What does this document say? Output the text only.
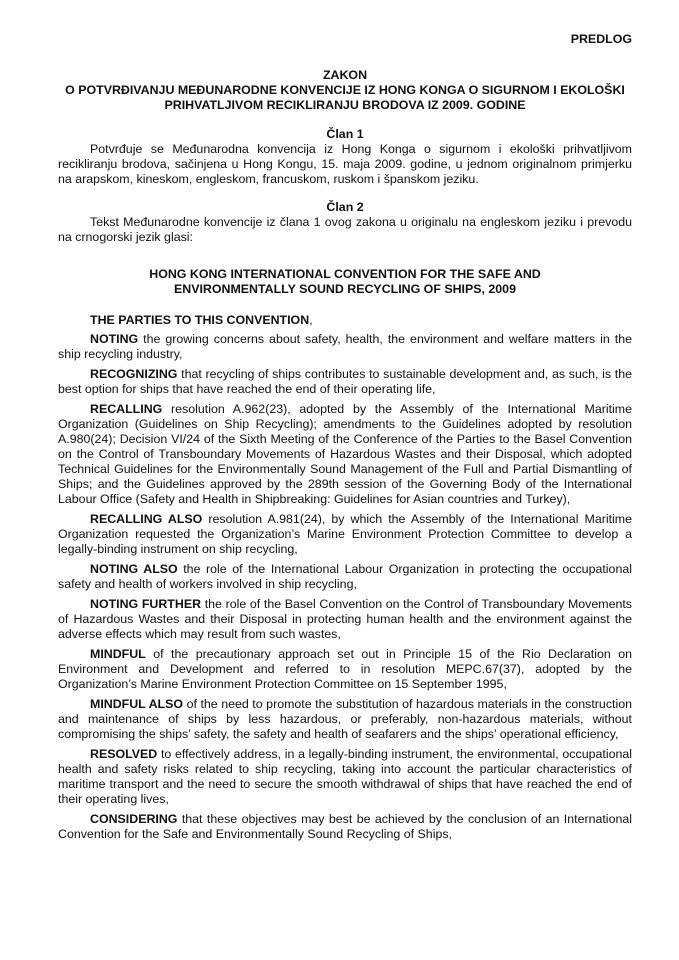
PREDLOG
ZAKON
O POTVRĐIVANJU MEĐUNARODNE KONVENCIJE IZ HONG KONGA O SIGURNOM I EKOLOŠKI
PRIHVATLJIVOM RECIKLIRANJU BRODOVA IZ 2009. GODINE
Član 1

Potvrđuje se Međunarodna konvencija iz Hong Konga o sigurnom i ekološki prihvatljivom recikliranju brodova, sačinjena u Hong Kongu, 15. maja 2009. godine, u jednom originalnom primjerku na arapskom, kineskom, engleskom, francuskom, ruskom i španskom jeziku.

Član 2

Tekst Međunarodne konvencije iz člana 1 ovog zakona u originalu na engleskom jeziku i prevodu na crnogorski jezik glasi:

HONG KONG INTERNATIONAL CONVENTION FOR THE SAFE AND
ENVIRONMENTALLY SOUND RECYCLING OF SHIPS, 2009
THE PARTIES TO THIS CONVENTION,

NOTING the growing concerns about safety, health, the environment and welfare matters in the ship recycling industry,

RECOGNIZING that recycling of ships contributes to sustainable development and, as such, is the best option for ships that have reached the end of their operating life,

RECALLING resolution A.962(23), adopted by the Assembly of the International Maritime Organization (Guidelines on Ship Recycling); amendments to the Guidelines adopted by resolution A.980(24); Decision VI/24 of the Sixth Meeting of the Conference of the Parties to the Basel Convention on the Control of Transboundary Movements of Hazardous Wastes and their Disposal, which adopted Technical Guidelines for the Environmentally Sound Management of the Full and Partial Dismantling of Ships; and the Guidelines approved by the 289th session of the Governing Body of the International Labour Office (Safety and Health in Shipbreaking: Guidelines for Asian countries and Turkey),

RECALLING ALSO resolution A.981(24), by which the Assembly of the International Maritime Organization requested the Organization’s Marine Environment Protection Committee to develop a legally-binding instrument on ship recycling,

NOTING ALSO the role of the International Labour Organization in protecting the occupational safety and health of workers involved in ship recycling,

NOTING FURTHER the role of the Basel Convention on the Control of Transboundary Movements of Hazardous Wastes and their Disposal in protecting human health and the environment against the adverse effects which may result from such wastes,

MINDFUL of the precautionary approach set out in Principle 15 of the Rio Declaration on Environment and Development and referred to in resolution MEPC.67(37), adopted by the Organization’s Marine Environment Protection Committee on 15 September 1995,

MINDFUL ALSO of the need to promote the substitution of hazardous materials in the construction and maintenance of ships by less hazardous, or preferably, non-hazardous materials, without compromising the ships’ safety, the safety and health of seafarers and the ships’ operational efficiency,

RESOLVED to effectively address, in a legally-binding instrument, the environmental, occupational health and safety risks related to ship recycling, taking into account the particular characteristics of maritime transport and the need to secure the smooth withdrawal of ships that have reached the end of their operating lives,

CONSIDERING that these objectives may best be achieved by the conclusion of an International Convention for the Safe and Environmentally Sound Recycling of Ships,
